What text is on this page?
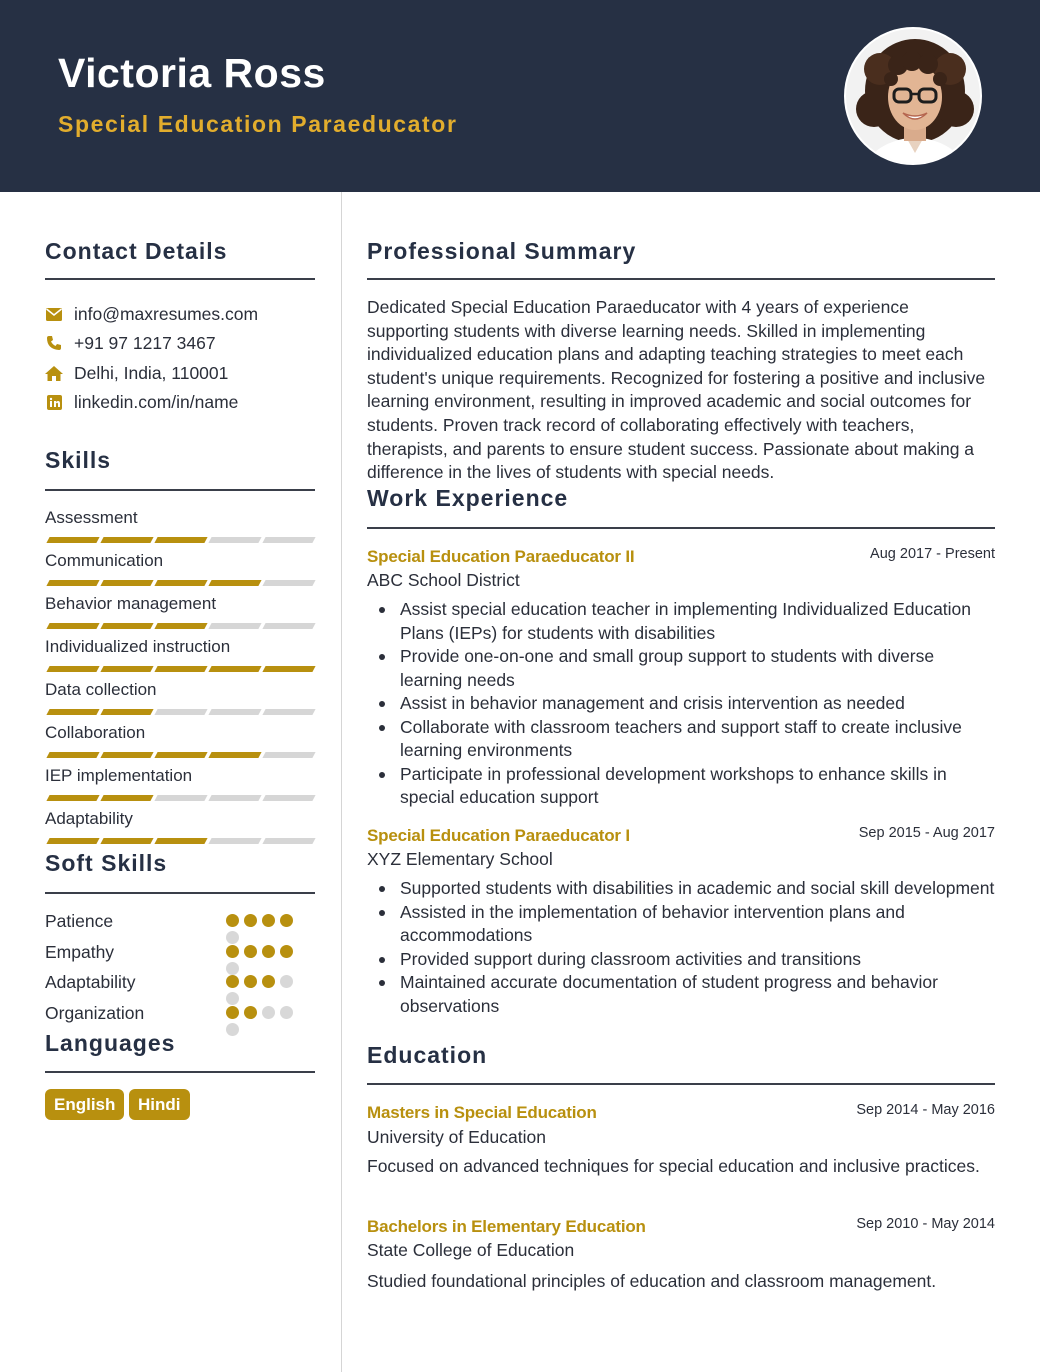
Victoria Ross
Special Education Paraeducator
Contact Details
info@maxresumes.com
+91 97 1217 3467
Delhi, India, 110001
linkedin.com/in/name
Skills
Assessment
Communication
Behavior management
Individualized instruction
Data collection
Collaboration
IEP implementation
Adaptability
Soft Skills
Patience
Empathy
Adaptability
Organization
Languages
English	Hindi
Professional Summary
Dedicated Special Education Paraeducator with 4 years of experience supporting students with diverse learning needs. Skilled in implementing individualized education plans and adapting teaching strategies to meet each student's unique requirements. Recognized for fostering a positive and inclusive learning environment, resulting in improved academic and social outcomes for students. Proven track record of collaborating effectively with teachers, therapists, and parents to ensure student success. Passionate about making a difference in the lives of students with special needs.
Work Experience
Special Education Paraeducator II	Aug 2017 - Present
ABC School District
Assist special education teacher in implementing Individualized Education Plans (IEPs) for students with disabilities
Provide one-on-one and small group support to students with diverse learning needs
Assist in behavior management and crisis intervention as needed
Collaborate with classroom teachers and support staff to create inclusive learning environments
Participate in professional development workshops to enhance skills in special education support
Special Education Paraeducator I	Sep 2015 - Aug 2017
XYZ Elementary School
Supported students with disabilities in academic and social skill development
Assisted in the implementation of behavior intervention plans and accommodations
Provided support during classroom activities and transitions
Maintained accurate documentation of student progress and behavior observations
Education
Masters in Special Education	Sep 2014 - May 2016
University of Education
Focused on advanced techniques for special education and inclusive practices.
Bachelors in Elementary Education	Sep 2010 - May 2014
State College of Education
Studied foundational principles of education and classroom management.
